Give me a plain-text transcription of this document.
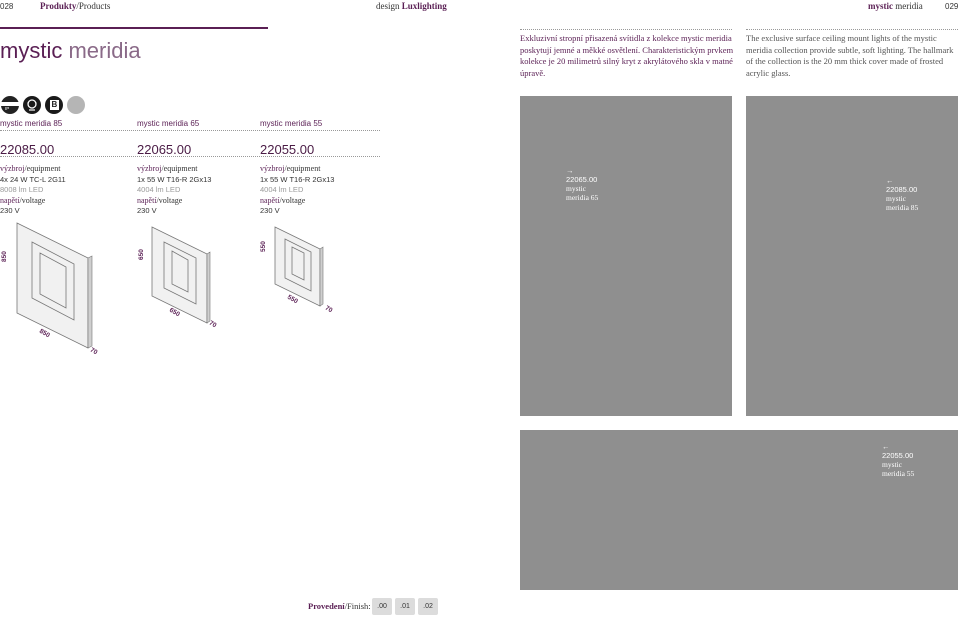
028	Produkty/Products	design Luxlighting	mystic meridia	029
mystic meridia	Exkluzivní stropní přisazená svítidla z kolekce mystic meridia poskytují jemné a měkké osvětlení. Charakteristickým prvkem kolekce je 20 milimetrů silný kryt z akrylátového skla v matné úpravě.
The exclusive surface ceiling mount lights of the mystic meridia collection provide subtle, soft lighting. The hallmark of the collection is the 20 mm thick cover made of frosted acrylic glass.
IP	B
mystic meridia 85
22085.00
výzbroj/equipment
4x 24 W TC-L 2G11
8008 lm LED
napětí/voltage
230 V
mystic meridia 65
22065.00
výzbroj/equipment
1x 55 W T16-R 2Gx13
4004 lm LED
napětí/voltage
230 V
mystic meridia 55
22055.00
výzbroj/equipment
1x 55 W T16-R 2Gx13
4004 lm LED
napětí/voltage
230 V
850
850
70
650
650
70
550
550
70
→
22065.00
mystic
meridia 65
←
22085.00
mystic
meridia 85
←
22055.00
mystic
meridia 55
Provedení/Finish: .00	.01	.02
